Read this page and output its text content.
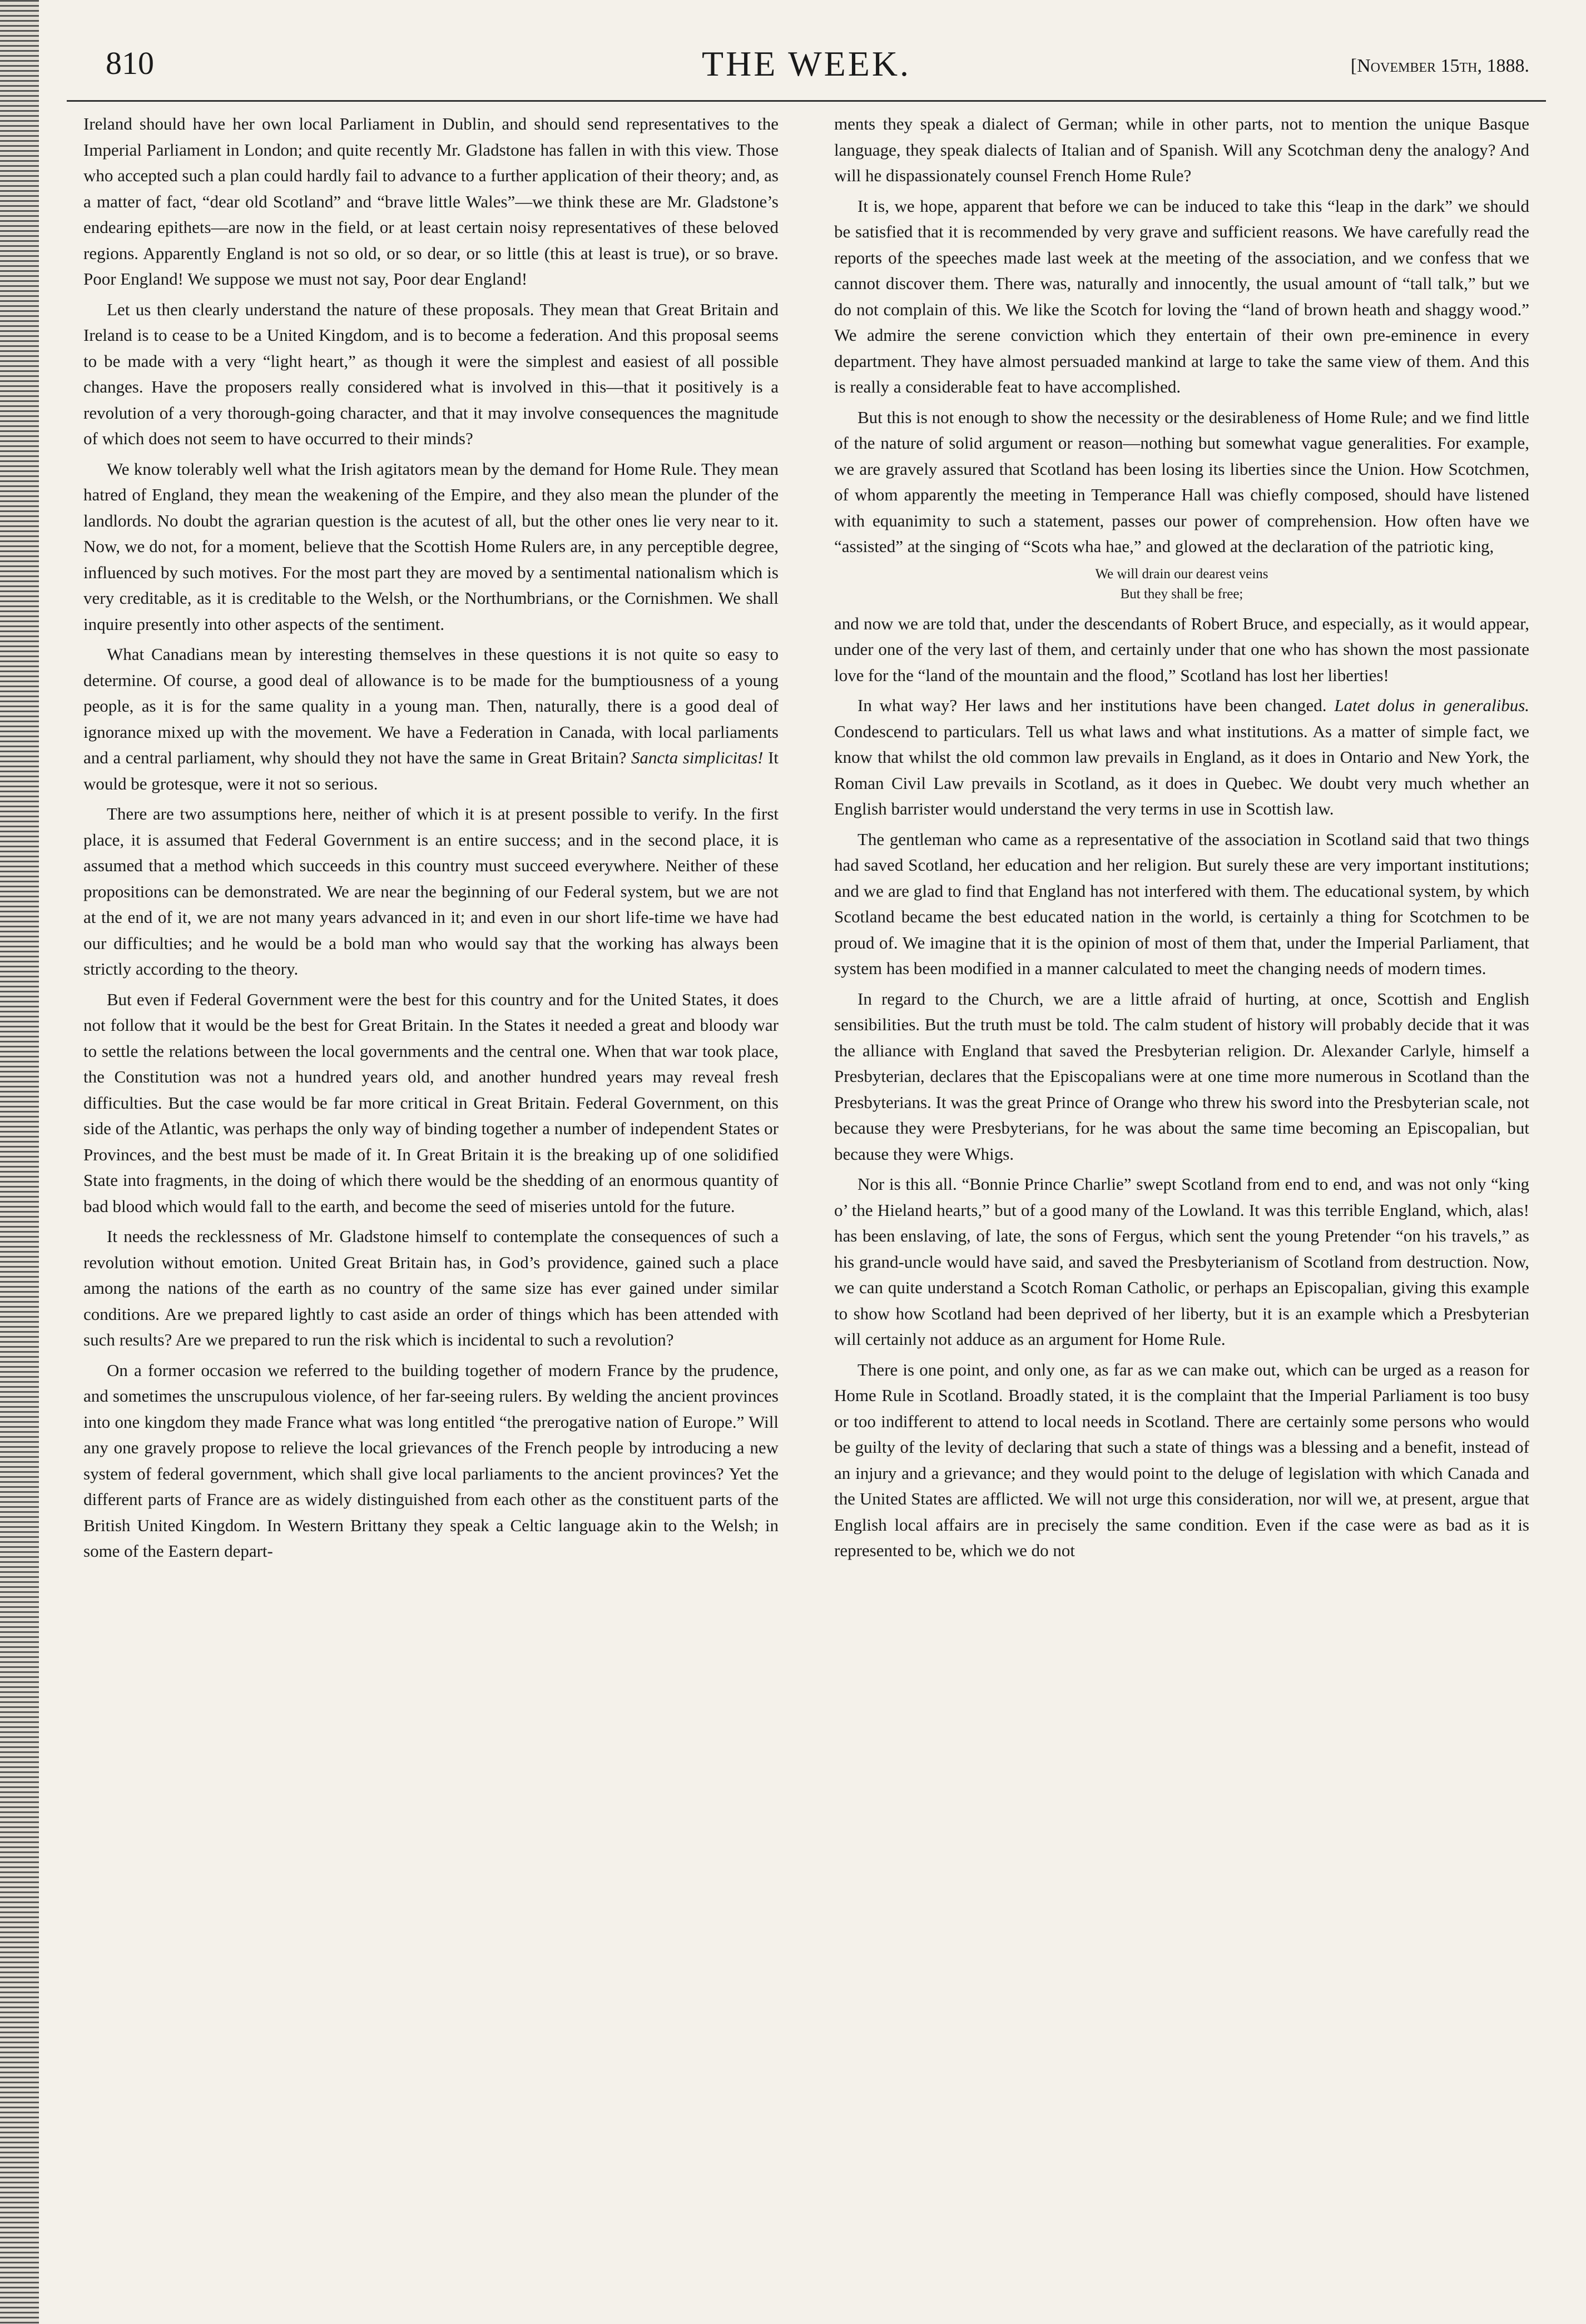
810	THE WEEK.	[November 15th, 1888.

Ireland should have her own local Parliament in Dublin, and should send representatives to the Imperial Parliament in London; and quite recently Mr. Gladstone has fallen in with this view. Those who accepted such a plan could hardly fail to advance to a further application of their theory; and, as a matter of fact, “dear old Scotland” and “brave little Wales”—we think these are Mr. Gladstone’s endearing epithets—are now in the field, or at least certain noisy representatives of these beloved regions. Apparently England is not so old, or so dear, or so little (this at least is true), or so brave. Poor England! We suppose we must not say, Poor dear England!

Let us then clearly understand the nature of these proposals. They mean that Great Britain and Ireland is to cease to be a United Kingdom, and is to become a federation. And this proposal seems to be made with a very “light heart,” as though it were the simplest and easiest of all possible changes. Have the proposers really considered what is involved in this—that it positively is a revolution of a very thorough-going character, and that it may involve consequences the magnitude of which does not seem to have occurred to their minds?

We know tolerably well what the Irish agitators mean by the demand for Home Rule. They mean hatred of England, they mean the weakening of the Empire, and they also mean the plunder of the landlords. No doubt the agrarian question is the acutest of all, but the other ones lie very near to it. Now, we do not, for a moment, believe that the Scottish Home Rulers are, in any perceptible degree, influenced by such motives. For the most part they are moved by a sentimental nationalism which is very creditable, as it is creditable to the Welsh, or the Northumbrians, or the Cornishmen. We shall inquire presently into other aspects of the sentiment.

What Canadians mean by interesting themselves in these questions it is not quite so easy to determine. Of course, a good deal of allowance is to be made for the bumptiousness of a young people, as it is for the same quality in a young man. Then, naturally, there is a good deal of ignorance mixed up with the movement. We have a Federation in Canada, with local parliaments and a central parliament, why should they not have the same in Great Britain? Sancta simplicitas! It would be grotesque, were it not so serious.

There are two assumptions here, neither of which it is at present possible to verify. In the first place, it is assumed that Federal Government is an entire success; and in the second place, it is assumed that a method which succeeds in this country must succeed everywhere. Neither of these propositions can be demonstrated. We are near the beginning of our Federal system, but we are not at the end of it, we are not many years advanced in it; and even in our short life-time we have had our difficulties; and he would be a bold man who would say that the working has always been strictly according to the theory.

But even if Federal Government were the best for this country and for the United States, it does not follow that it would be the best for Great Britain. In the States it needed a great and bloody war to settle the relations between the local governments and the central one. When that war took place, the Constitution was not a hundred years old, and another hundred years may reveal fresh difficulties. But the case would be far more critical in Great Britain. Federal Government, on this side of the Atlantic, was perhaps the only way of binding together a number of independent States or Provinces, and the best must be made of it. In Great Britain it is the breaking up of one solidified State into fragments, in the doing of which there would be the shedding of an enormous quantity of bad blood which would fall to the earth, and become the seed of miseries untold for the future.

It needs the recklessness of Mr. Gladstone himself to contemplate the consequences of such a revolution without emotion. United Great Britain has, in God’s providence, gained such a place among the nations of the earth as no country of the same size has ever gained under similar conditions. Are we prepared lightly to cast aside an order of things which has been attended with such results? Are we prepared to run the risk which is incidental to such a revolution?

On a former occasion we referred to the building together of modern France by the prudence, and sometimes the unscrupulous violence, of her far-seeing rulers. By welding the ancient provinces into one kingdom they made France what was long entitled “the prerogative nation of Europe.” Will any one gravely propose to relieve the local grievances of the French people by introducing a new system of federal government, which shall give local parliaments to the ancient provinces? Yet the different parts of France are as widely distinguished from each other as the constituent parts of the British United Kingdom. In Western Brittany they speak a Celtic language akin to the Welsh; in some of the Eastern depart-

ments they speak a dialect of German; while in other parts, not to mention the unique Basque language, they speak dialects of Italian and of Spanish. Will any Scotchman deny the analogy? And will he dispassionately counsel French Home Rule?

It is, we hope, apparent that before we can be induced to take this “leap in the dark” we should be satisfied that it is recommended by very grave and sufficient reasons. We have carefully read the reports of the speeches made last week at the meeting of the association, and we confess that we cannot discover them. There was, naturally and innocently, the usual amount of “tall talk,” but we do not complain of this. We like the Scotch for loving the “land of brown heath and shaggy wood.” We admire the serene conviction which they entertain of their own pre-eminence in every department. They have almost persuaded mankind at large to take the same view of them. And this is really a considerable feat to have accomplished.

But this is not enough to show the necessity or the desirableness of Home Rule; and we find little of the nature of solid argument or reason—nothing but somewhat vague generalities. For example, we are gravely assured that Scotland has been losing its liberties since the Union. How Scotchmen, of whom apparently the meeting in Temperance Hall was chiefly composed, should have listened with equanimity to such a statement, passes our power of comprehension. How often have we “assisted” at the singing of “Scots wha hae,” and glowed at the declaration of the patriotic king,

We will drain our dearest veins
But they shall be free;

and now we are told that, under the descendants of Robert Bruce, and especially, as it would appear, under one of the very last of them, and certainly under that one who has shown the most passionate love for the “land of the mountain and the flood,” Scotland has lost her liberties!

In what way? Her laws and her institutions have been changed. Latet dolus in generalibus. Condescend to particulars. Tell us what laws and what institutions. As a matter of simple fact, we know that whilst the old common law prevails in England, as it does in Ontario and New York, the Roman Civil Law prevails in Scotland, as it does in Quebec. We doubt very much whether an English barrister would understand the very terms in use in Scottish law.

The gentleman who came as a representative of the association in Scotland said that two things had saved Scotland, her education and her religion. But surely these are very important institutions; and we are glad to find that England has not interfered with them. The educational system, by which Scotland became the best educated nation in the world, is certainly a thing for Scotchmen to be proud of. We imagine that it is the opinion of most of them that, under the Imperial Parliament, that system has been modified in a manner calculated to meet the changing needs of modern times.

In regard to the Church, we are a little afraid of hurting, at once, Scottish and English sensibilities. But the truth must be told. The calm student of history will probably decide that it was the alliance with England that saved the Presbyterian religion. Dr. Alexander Carlyle, himself a Presbyterian, declares that the Episcopalians were at one time more numerous in Scotland than the Presbyterians. It was the great Prince of Orange who threw his sword into the Presbyterian scale, not because they were Presbyterians, for he was about the same time becoming an Episcopalian, but because they were Whigs.

Nor is this all. “Bonnie Prince Charlie” swept Scotland from end to end, and was not only “king o’ the Hieland hearts,” but of a good many of the Lowland. It was this terrible England, which, alas! has been enslaving, of late, the sons of Fergus, which sent the young Pretender “on his travels,” as his grand-uncle would have said, and saved the Presbyterianism of Scotland from destruction. Now, we can quite understand a Scotch Roman Catholic, or perhaps an Episcopalian, giving this example to show how Scotland had been deprived of her liberty, but it is an example which a Presbyterian will certainly not adduce as an argument for Home Rule.

There is one point, and only one, as far as we can make out, which can be urged as a reason for Home Rule in Scotland. Broadly stated, it is the complaint that the Imperial Parliament is too busy or too indifferent to attend to local needs in Scotland. There are certainly some persons who would be guilty of the levity of declaring that such a state of things was a blessing and a benefit, instead of an injury and a grievance; and they would point to the deluge of legislation with which Canada and the United States are afflicted. We will not urge this consideration, nor will we, at present, argue that English local affairs are in precisely the same condition. Even if the case were as bad as it is represented to be, which we do not
